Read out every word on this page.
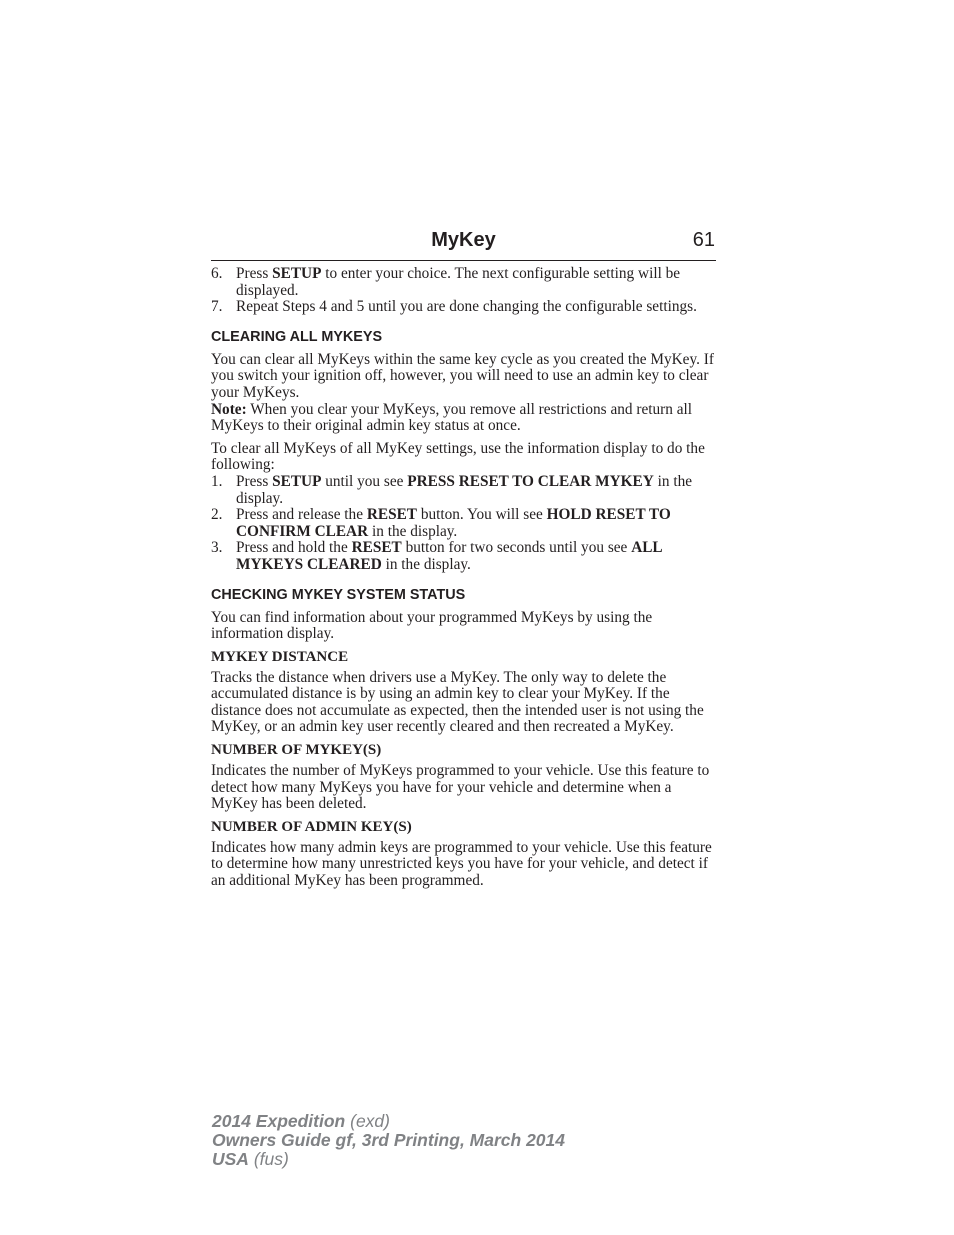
MyKey	61
6. Press SETUP to enter your choice. The next configurable setting will be displayed.
7. Repeat Steps 4 and 5 until you are done changing the configurable settings.
CLEARING ALL MYKEYS

You can clear all MyKeys within the same key cycle as you created the MyKey. If you switch your ignition off, however, you will need to use an admin key to clear your MyKeys.

Note: When you clear your MyKeys, you remove all restrictions and return all MyKeys to their original admin key status at once.

To clear all MyKeys of all MyKey settings, use the information display to do the following:

1. Press SETUP until you see PRESS RESET TO CLEAR MYKEY in the display.
2. Press and release the RESET button. You will see HOLD RESET TO CONFIRM CLEAR in the display.
3. Press and hold the RESET button for two seconds until you see ALL MYKEYS CLEARED in the display.
CHECKING MYKEY SYSTEM STATUS

You can find information about your programmed MyKeys by using the information display.

MYKEY DISTANCE

Tracks the distance when drivers use a MyKey. The only way to delete the accumulated distance is by using an admin key to clear your MyKey. If the distance does not accumulate as expected, then the intended user is not using the MyKey, or an admin key user recently cleared and then recreated a MyKey.

NUMBER OF MYKEY(S)

Indicates the number of MyKeys programmed to your vehicle. Use this feature to detect how many MyKeys you have for your vehicle and determine when a MyKey has been deleted.

NUMBER OF ADMIN KEY(S)

Indicates how many admin keys are programmed to your vehicle. Use this feature to determine how many unrestricted keys you have for your vehicle, and detect if an additional MyKey has been programmed.

2014 Expedition (exd)
Owners Guide gf, 3rd Printing, March 2014
USA (fus)
